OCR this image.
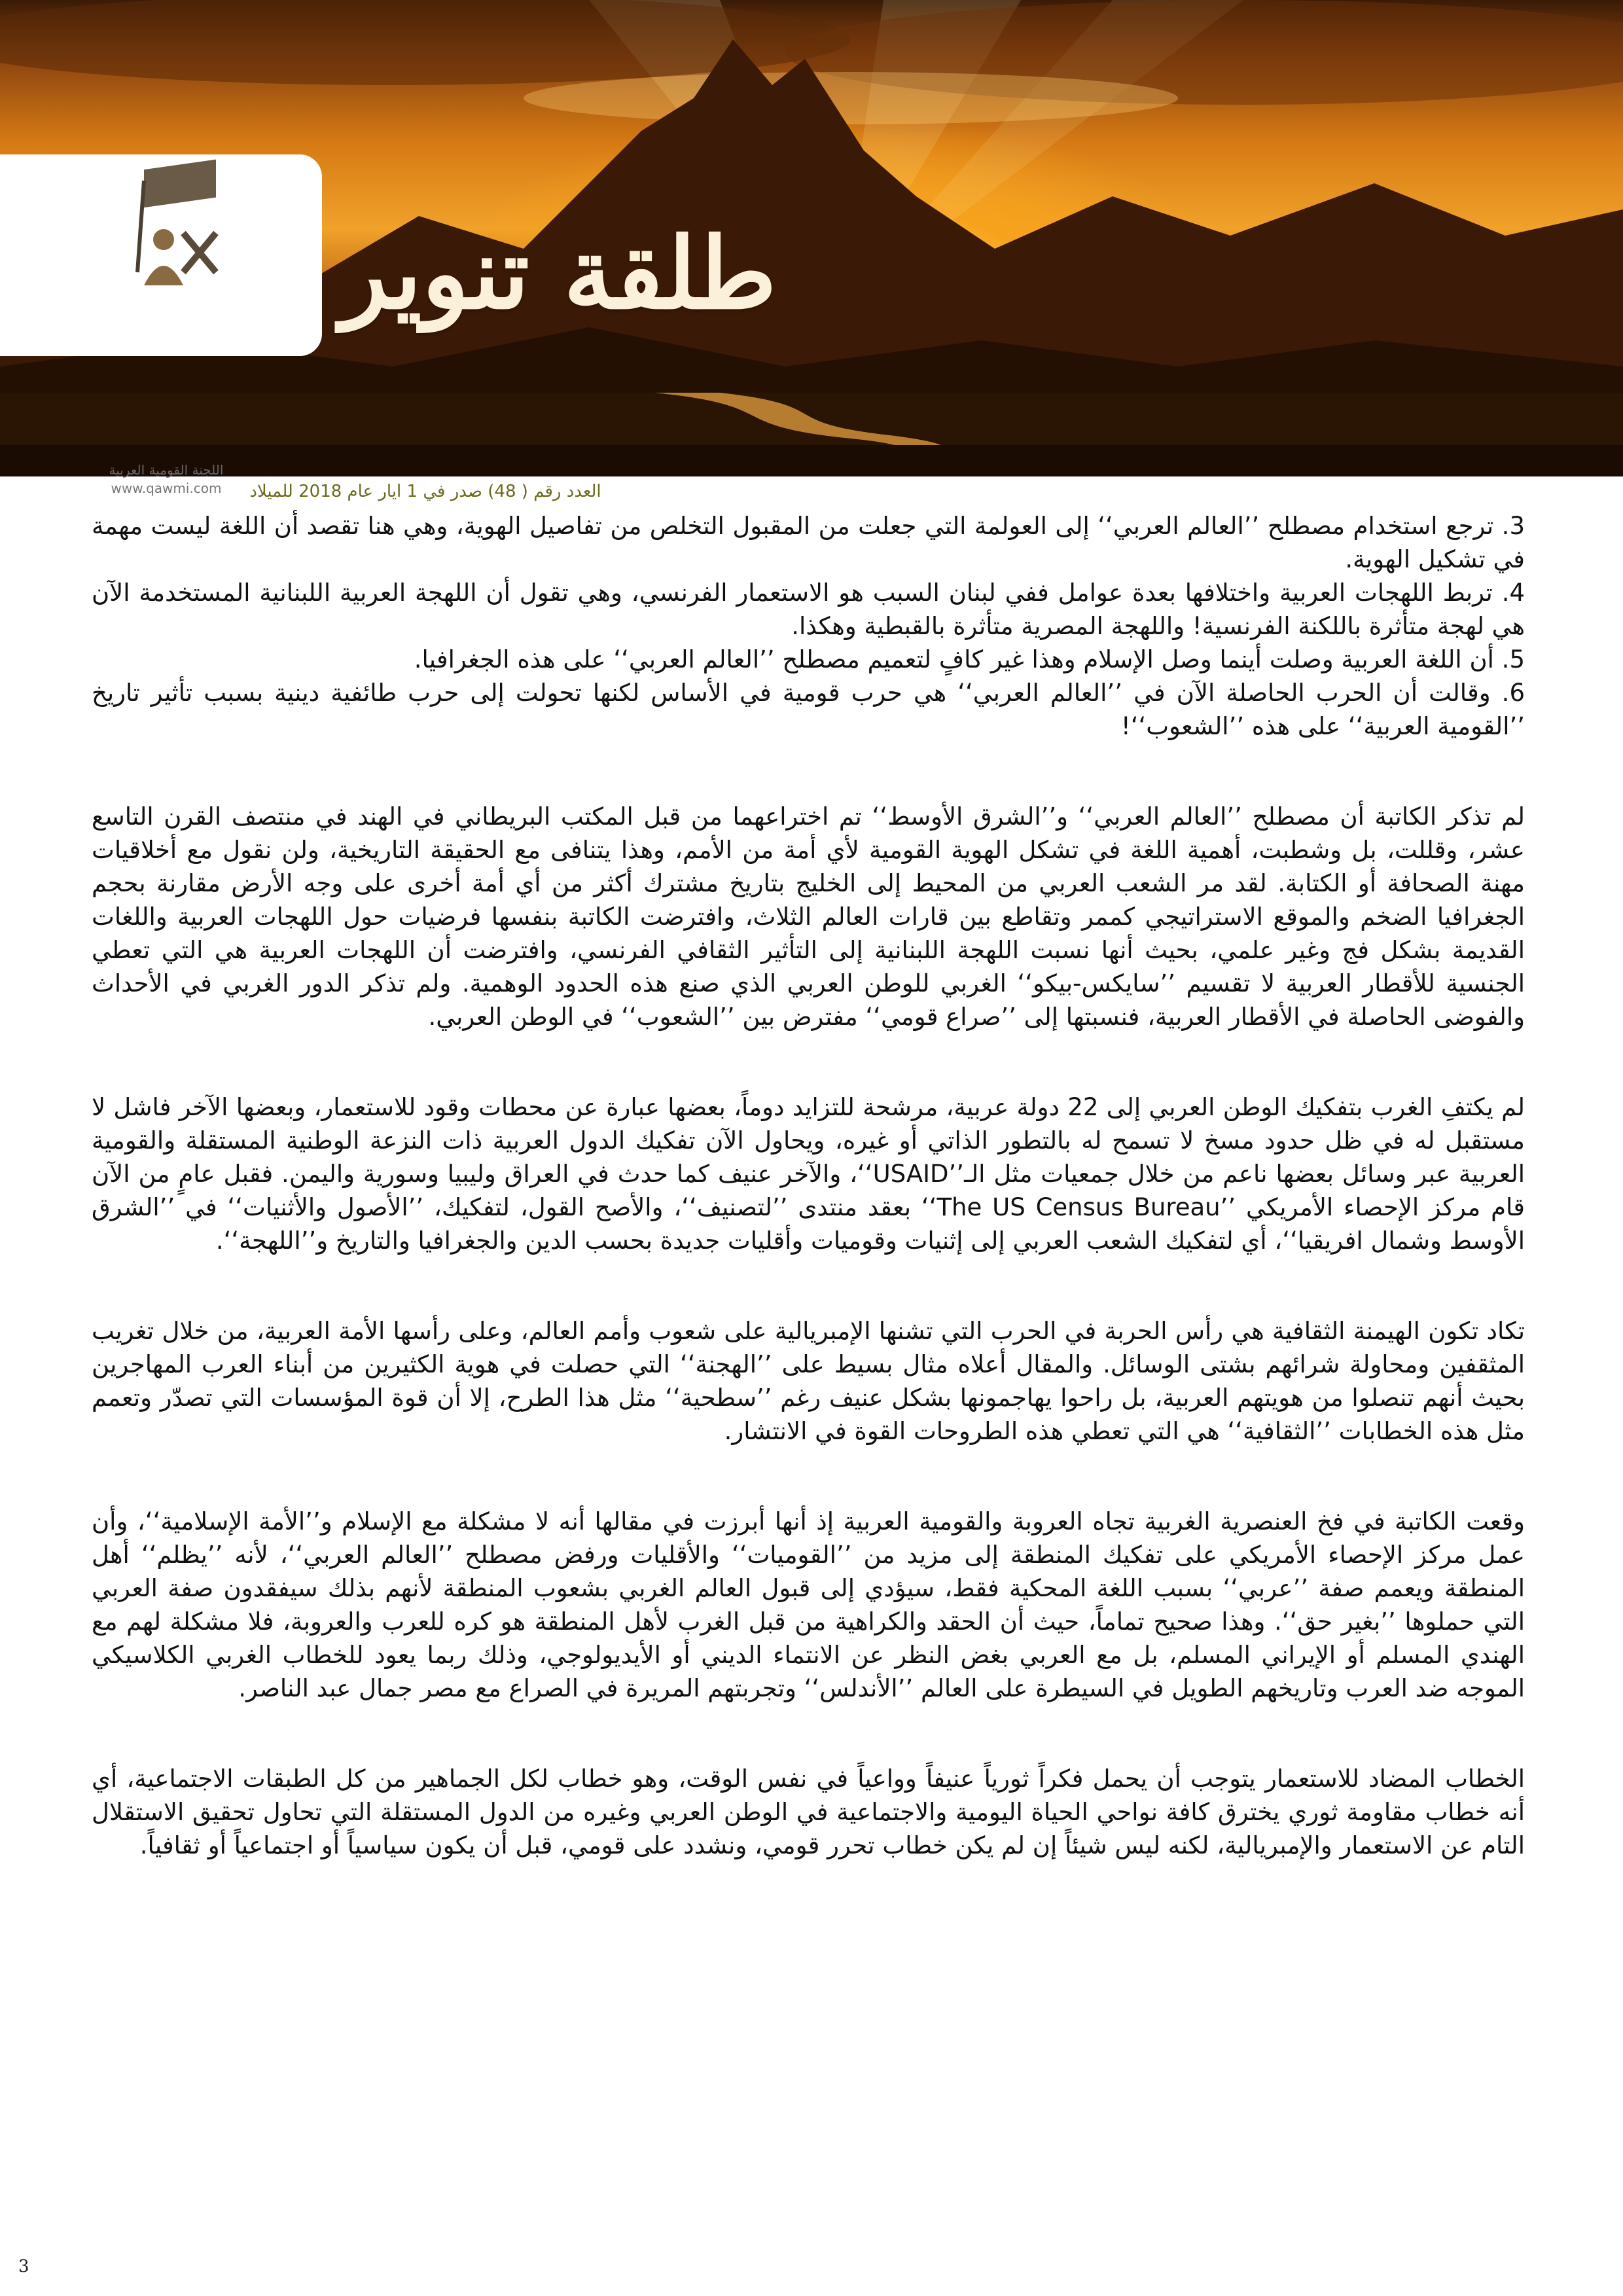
اللجنة القومية العربية
www.qawmi.com
طلقة تنوير
العدد رقم ( 48) صدر في 1 ايار عام 2018 للميلاد

3. ترجع استخدام مصطلح ’’العالم العربي‘‘ إلى العولمة التي جعلت من المقبول التخلص من تفاصيل الهوية، وهي هنا تقصد أن اللغة ليست مهمة في تشكيل الهوية.

4. تربط اللهجات العربية واختلافها بعدة عوامل ففي لبنان السبب هو الاستعمار الفرنسي، وهي تقول أن اللهجة العربية اللبنانية المستخدمة الآن هي لهجة متأثرة باللكنة الفرنسية! واللهجة المصرية متأثرة بالقبطية وهكذا.

5. أن اللغة العربية وصلت أينما وصل الإسلام وهذا غير كافٍ لتعميم مصطلح ’’العالم العربي‘‘ على هذه الجغرافيا.

6. وقالت أن الحرب الحاصلة الآن في ’’العالم العربي‘‘ هي حرب قومية في الأساس لكنها تحولت إلى حرب طائفية دينية بسبب تأثير تاريخ ’’القومية العربية‘‘ على هذه ’’الشعوب‘‘!

لم تذكر الكاتبة أن مصطلح ’’العالم العربي‘‘ و’’الشرق الأوسط‘‘ تم اختراعهما من قبل المكتب البريطاني في الهند في منتصف القرن التاسع عشر، وقللت، بل وشطبت، أهمية اللغة في تشكل الهوية القومية لأي أمة من الأمم، وهذا يتنافى مع الحقيقة التاريخية، ولن نقول مع أخلاقيات مهنة الصحافة أو الكتابة. لقد مر الشعب العربي من المحيط إلى الخليج بتاريخ مشترك أكثر من أي أمة أخرى على وجه الأرض مقارنة بحجم الجغرافيا الضخم والموقع الاستراتيجي كممر وتقاطع بين قارات العالم الثلاث، وافترضت الكاتبة بنفسها فرضيات حول اللهجات العربية واللغات القديمة بشكل فج وغير علمي، بحيث أنها نسبت اللهجة اللبنانية إلى التأثير الثقافي الفرنسي، وافترضت أن اللهجات العربية هي التي تعطي الجنسية للأقطار العربية لا تقسيم ’’سايكس-بيكو‘‘ الغربي للوطن العربي الذي صنع هذه الحدود الوهمية. ولم تذكر الدور الغربي في الأحداث والفوضى الحاصلة في الأقطار العربية، فنسبتها إلى ’’صراع قومي‘‘ مفترض بين ’’الشعوب‘‘ في الوطن العربي.

لم يكتفِ الغرب بتفكيك الوطن العربي إلى 22 دولة عربية، مرشحة للتزايد دوماً، بعضها عبارة عن محطات وقود للاستعمار، وبعضها الآخر فاشل لا مستقبل له في ظل حدود مسخ لا تسمح له بالتطور الذاتي أو غيره، ويحاول الآن تفكيك الدول العربية ذات النزعة الوطنية المستقلة والقومية العربية عبر وسائل بعضها ناعم من خلال جمعيات مثل الـ’’USAID‘‘، والآخر عنيف كما حدث في العراق وليبيا وسورية واليمن. فقبل عامٍ من الآن قام مركز الإحصاء الأمريكي ’’The US Census Bureau‘‘ بعقد منتدى ’’لتصنيف‘‘، والأصح القول، لتفكيك، ’’الأصول والأثنيات‘‘ في ’’الشرق الأوسط وشمال افريقيا‘‘، أي لتفكيك الشعب العربي إلى إثنيات وقوميات وأقليات جديدة بحسب الدين والجغرافيا والتاريخ و’’اللهجة‘‘.

تكاد تكون الهيمنة الثقافية هي رأس الحربة في الحرب التي تشنها الإمبريالية على شعوب وأمم العالم، وعلى رأسها الأمة العربية، من خلال تغريب المثقفين ومحاولة شرائهم بشتى الوسائل. والمقال أعلاه مثال بسيط على ’’الهجنة‘‘ التي حصلت في هوية الكثيرين من أبناء العرب المهاجرين بحيث أنهم تنصلوا من هويتهم العربية، بل راحوا يهاجمونها بشكل عنيف رغم ’’سطحية‘‘ مثل هذا الطرح، إلا أن قوة المؤسسات التي تصدّر وتعمم مثل هذه الخطابات ’’الثقافية‘‘ هي التي تعطي هذه الطروحات القوة في الانتشار.

وقعت الكاتبة في فخ العنصرية الغربية تجاه العروبة والقومية العربية إذ أنها أبرزت في مقالها أنه لا مشكلة مع الإسلام و’’الأمة الإسلامية‘‘، وأن عمل مركز الإحصاء الأمريكي على تفكيك المنطقة إلى مزيد من ’’القوميات‘‘ والأقليات ورفض مصطلح ’’العالم العربي‘‘، لأنه ’’يظلم‘‘ أهل المنطقة ويعمم صفة ’’عربي‘‘ بسبب اللغة المحكية فقط، سيؤدي إلى قبول العالم الغربي بشعوب المنطقة لأنهم بذلك سيفقدون صفة العربي التي حملوها ’’بغير حق‘‘. وهذا صحيح تماماً، حيث أن الحقد والكراهية من قبل الغرب لأهل المنطقة هو كره للعرب والعروبة، فلا مشكلة لهم مع الهندي المسلم أو الإيراني المسلم، بل مع العربي بغض النظر عن الانتماء الديني أو الأيديولوجي، وذلك ربما يعود للخطاب الغربي الكلاسيكي الموجه ضد العرب وتاريخهم الطويل في السيطرة على العالم ’’الأندلس‘‘ وتجربتهم المريرة في الصراع مع مصر جمال عبد الناصر.

الخطاب المضاد للاستعمار يتوجب أن يحمل فكراً ثورياً عنيفاً وواعياً في نفس الوقت، وهو خطاب لكل الجماهير من كل الطبقات الاجتماعية، أي أنه خطاب مقاومة ثوري يخترق كافة نواحي الحياة اليومية والاجتماعية في الوطن العربي وغيره من الدول المستقلة التي تحاول تحقيق الاستقلال التام عن الاستعمار والإمبريالية، لكنه ليس شيئاً إن لم يكن خطاب تحرر قومي، ونشدد على قومي، قبل أن يكون سياسياً أو اجتماعياً أو ثقافياً.

3
